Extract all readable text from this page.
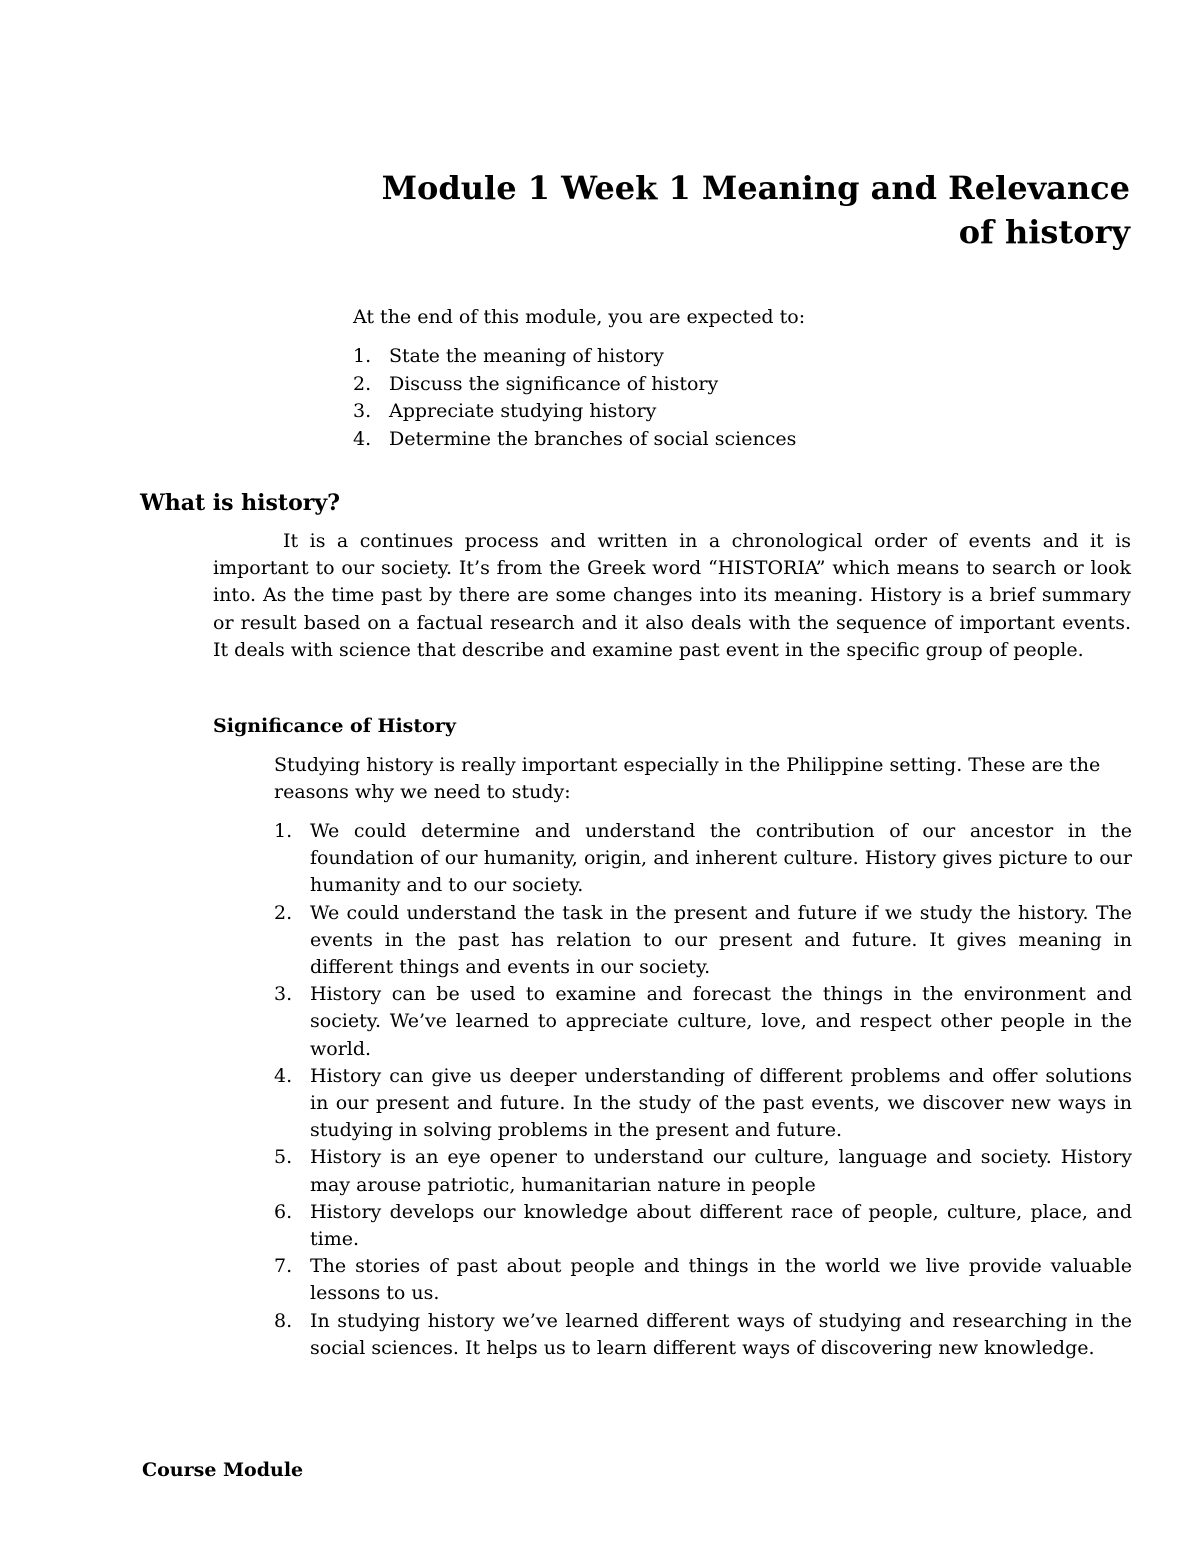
Module 1 Week 1 Meaning and Relevance of history
At the end of this module, you are expected to:
1. State the meaning of history
2. Discuss the significance of history
3. Appreciate studying history
4. Determine the branches of social sciences
What is history?

It is a continues process and written in a chronological order of events and it is important to our society. It’s from the Greek word “HISTORIA” which means to search or look into. As the time past by there are some changes into its meaning. History is a brief summary or result based on a factual research and it also deals with the sequence of important events. It deals with science that describe and examine past event in the specific group of people.

Significance of History

Studying history is really important especially in the Philippine setting. These are the reasons why we need to study:

1. We could determine and understand the contribution of our ancestor in the foundation of our humanity, origin, and inherent culture. History gives picture to our humanity and to our society.
2. We could understand the task in the present and future if we study the history. The events in the past has relation to our present and future. It gives meaning in different things and events in our society.
3. History can be used to examine and forecast the things in the environment and society. We’ve learned to appreciate culture, love, and respect other people in the world.
4. History can give us deeper understanding of different problems and offer solutions in our present and future. In the study of the past events, we discover new ways in studying in solving problems in the present and future.
5. History is an eye opener to understand our culture, language and society. History may arouse patriotic, humanitarian nature in people
6. History develops our knowledge about different race of people, culture, place, and time.
7. The stories of past about people and things in the world we live provide valuable lessons to us.
8. In studying history we’ve learned different ways of studying and researching in the social sciences. It helps us to learn different ways of discovering new knowledge.
Course Module
